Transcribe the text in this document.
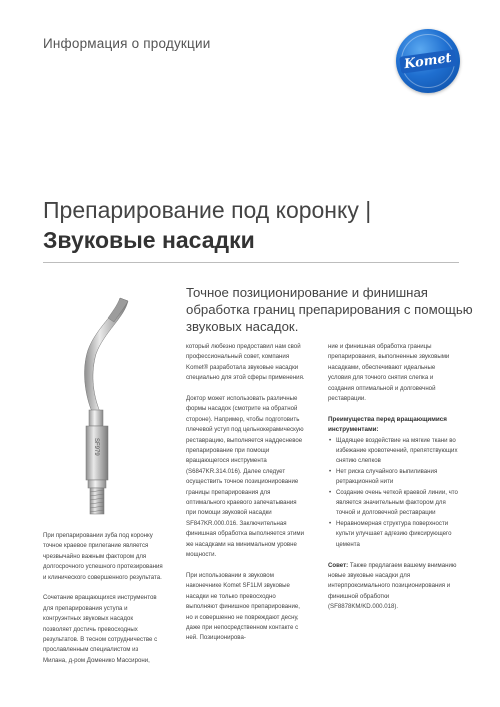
Информация о продукции
Komet
Препарирование под коронку |
Звуковые насадки
Точное позиционирование и финишная обработка границ препарирования с помощью звуковых насадок.
SF979

При препарировании зуба под коронку точное краевое прилегание является чрезвычайно важным фактором для долгосрочного успешного протезирования и клинического совершенного результата.

Сочетание вращающихся инструментов для препарирования уступа и конгруэнтных звуковых насадок позволяет достичь превосходных результатов. В тесном сотрудничестве с прославленным специалистом из Милана, д-ром Доменико Массирони,

который любезно предоставил нам свой профессиональный совет, компания Komet® разработала звуковые насадки специально для этой сферы применения.

Доктор может использовать различные формы насадок (смотрите на обратной стороне). Например, чтобы подготовить плечевой уступ под цельнокерамическую реставрацию, выполняется наддесневое препарирование при помощи вращающегося инструмента (S6847KR.314.016). Далее следует осуществить точное позиционирование границы препарирования для оптимального краевого запечатывания при помощи звуковой насадки SF847KR.000.016. Заключительная финишная обработка выполняется этими же насадками на минимальном уровне мощности.

При использовании в звуковом наконечнике Komet SF1LM звуковые насадки не только превосходно выполняют финишное препарирование, но и совершенно не повреждают десну, даже при непосредственном контакте с ней. Позиционирова-

ние и финишная обработка границы препарирования, выполненные звуковыми насадками, обеспечивают идеальные условия для точного снятия слепка и создания оптимальной и долговечной реставрации.

Преимущества перед вращающимися инструментами:
• Щадящее воздействие на мягкие ткани во избежание кровотечений, препятствующих снятию слепков
• Нет риска случайного выпиливания ретракционной нити
• Создание очень четкой краевой линии, что является значительным фактором для точной и долговечной реставрации
• Неравномерная структура поверхности культи улучшает адгезию фиксирующего цемента

Совет: Также предлагаем вашему вниманию новые звуковые насадки для интерпроксимального позиционирования и финишной обработки (SF8878KM/KD.000.018).
